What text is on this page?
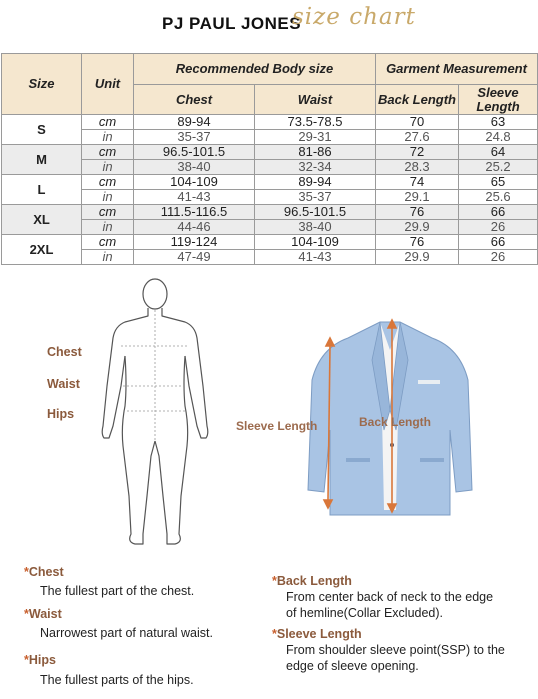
PJ PAUL JONES
size chart
Size	Unit	Recommended Body size		Garment Measurement	
		Chest	Waist	Back Length	Sleeve Length
S	cm	89-94	73.5-78.5	70	63
	in	35-37	29-31	27.6	24.8
M	cm	96.5-101.5	81-86	72	64
	in	38-40	32-34	28.3	25.2
L	cm	104-109	89-94	74	65
	in	41-43	35-37	29.1	25.6
XL	cm	111.5-116.5	96.5-101.5	76	66
	in	44-46	38-40	29.9	26
2XL	cm	119-124	104-109	76	66
	in	47-49	41-43	29.9	26
Chest
Waist
Hips
Sleeve Length	Back Length
*Chest
The fullest part of the chest.
*Waist
Narrowest part of natural waist.
*Hips
The fullest parts of the hips.
*Back Length
From center back of neck to the edge
of hemline(Collar Excluded).
*Sleeve Length
From shoulder sleeve point(SSP) to the
edge of sleeve opening.
